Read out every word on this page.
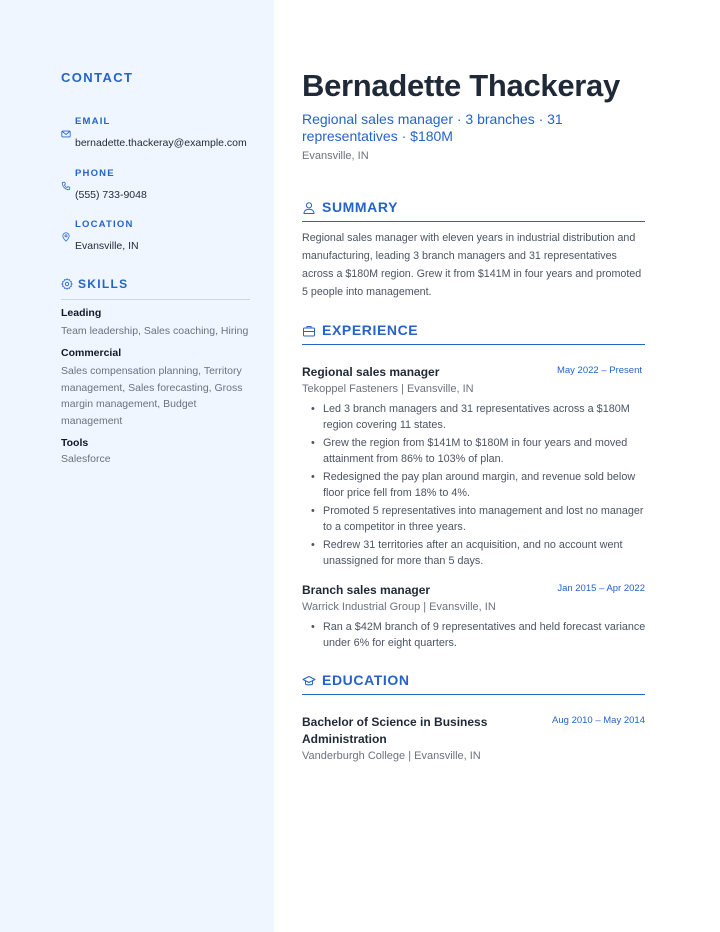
CONTACT
EMAIL
bernadette.thackeray@example.com
PHONE
(555) 733-9048
LOCATION
Evansville, IN
SKILLS
Leading
Team leadership, Sales coaching, Hiring
Commercial
Sales compensation planning, Territory management, Sales forecasting, Gross margin management, Budget management
Tools
Salesforce
Bernadette Thackeray
Regional sales manager · 3 branches · 31 representatives · $180M
Evansville, IN
SUMMARY
Regional sales manager with eleven years in industrial distribution and manufacturing, leading 3 branch managers and 31 representatives across a $180M region. Grew it from $141M in four years and promoted 5 people into management.
EXPERIENCE
Regional sales manager	May 2022 – Present
Tekoppel Fasteners | Evansville, IN
• Led 3 branch managers and 31 representatives across a $180M region covering 11 states.
• Grew the region from $141M to $180M in four years and moved attainment from 86% to 103% of plan.
• Redesigned the pay plan around margin, and revenue sold below floor price fell from 18% to 4%.
• Promoted 5 representatives into management and lost no manager to a competitor in three years.
• Redrew 31 territories after an acquisition, and no account went unassigned for more than 5 days.
Branch sales manager	Jan 2015 – Apr 2022
Warrick Industrial Group | Evansville, IN
• Ran a $42M branch of 9 representatives and held forecast variance under 6% for eight quarters.
EDUCATION
Bachelor of Science in Business Administration
Aug 2010 – May 2014
Vanderburgh College | Evansville, IN
